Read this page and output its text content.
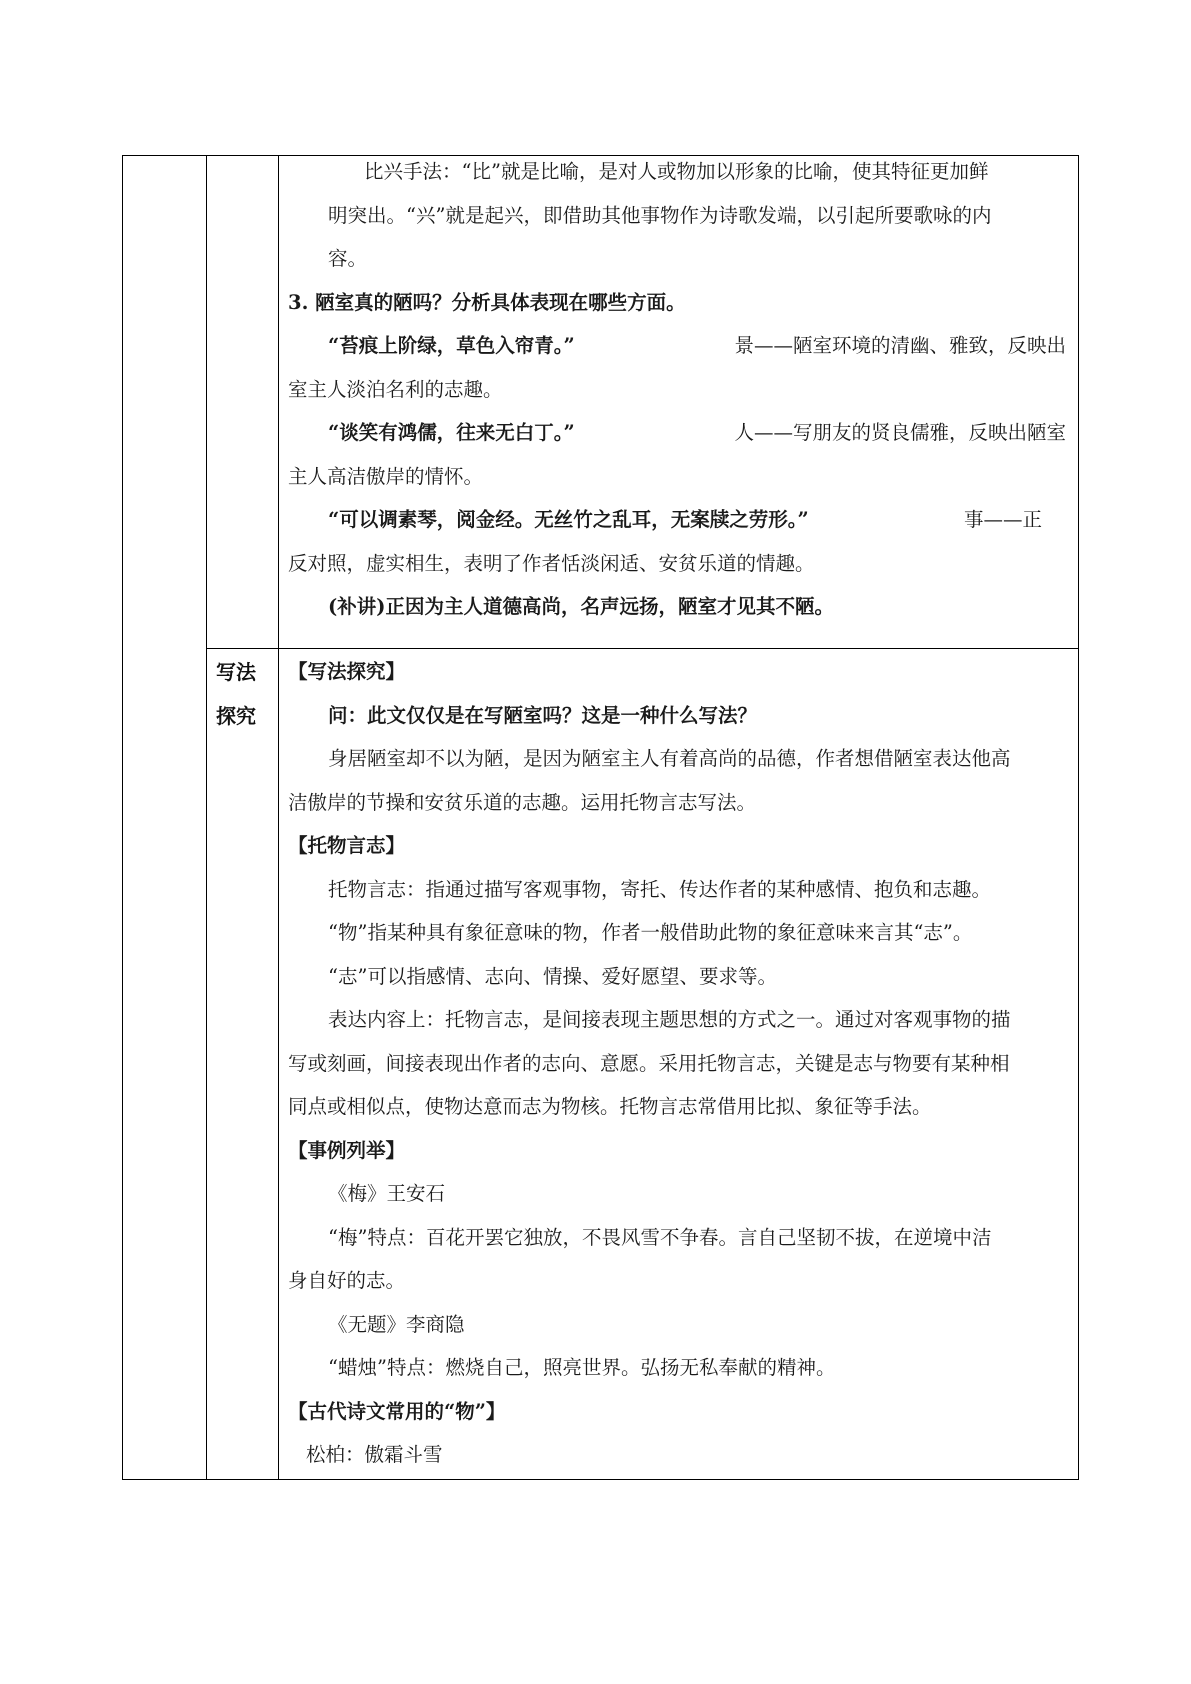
比兴手法：“比”就是比喻，是对人或物加以形象的比喻，使其特征更加鲜
明突出。“兴”就是起兴，即借助其他事物作为诗歌发端，以引起所要歌咏的内
容。
3. 陋室真的陋吗？分析具体表现在哪些方面。
“苔痕上阶绿，草色入帘青。”	景——陋室环境的清幽、雅致，反映出
室主人淡泊名利的志趣。
“谈笑有鸿儒，往来无白丁。”	人——写朋友的贤良儒雅，反映出陋室
主人高洁傲岸的情怀。
“可以调素琴，阅金经。无丝竹之乱耳，无案牍之劳形。”	事——正
反对照，虚实相生，表明了作者恬淡闲适、安贫乐道的情趣。
(补讲)正因为主人道德高尚，名声远扬，陋室才见其不陋。
写法
探究
【写法探究】
问：此文仅仅是在写陋室吗？这是一种什么写法？
身居陋室却不以为陋，是因为陋室主人有着高尚的品德，作者想借陋室表达他高
洁傲岸的节操和安贫乐道的志趣。运用托物言志写法。
【托物言志】
托物言志：指通过描写客观事物，寄托、传达作者的某种感情、抱负和志趣。
“物”指某种具有象征意味的物，作者一般借助此物的象征意味来言其“志”。
“志”可以指感情、志向、情操、爱好愿望、要求等。
表达内容上：托物言志，是间接表现主题思想的方式之一。通过对客观事物的描
写或刻画，间接表现出作者的志向、意愿。采用托物言志，关键是志与物要有某种相
同点或相似点，使物达意而志为物核。托物言志常借用比拟、象征等手法。
【事例列举】
《梅》王安石
“梅”特点：百花开罢它独放，不畏风雪不争春。言自己坚韧不拔，在逆境中洁
身自好的志。
《无题》李商隐
“蜡烛”特点：燃烧自己，照亮世界。弘扬无私奉献的精神。
【古代诗文常用的“物”】
松柏：傲霜斗雪
